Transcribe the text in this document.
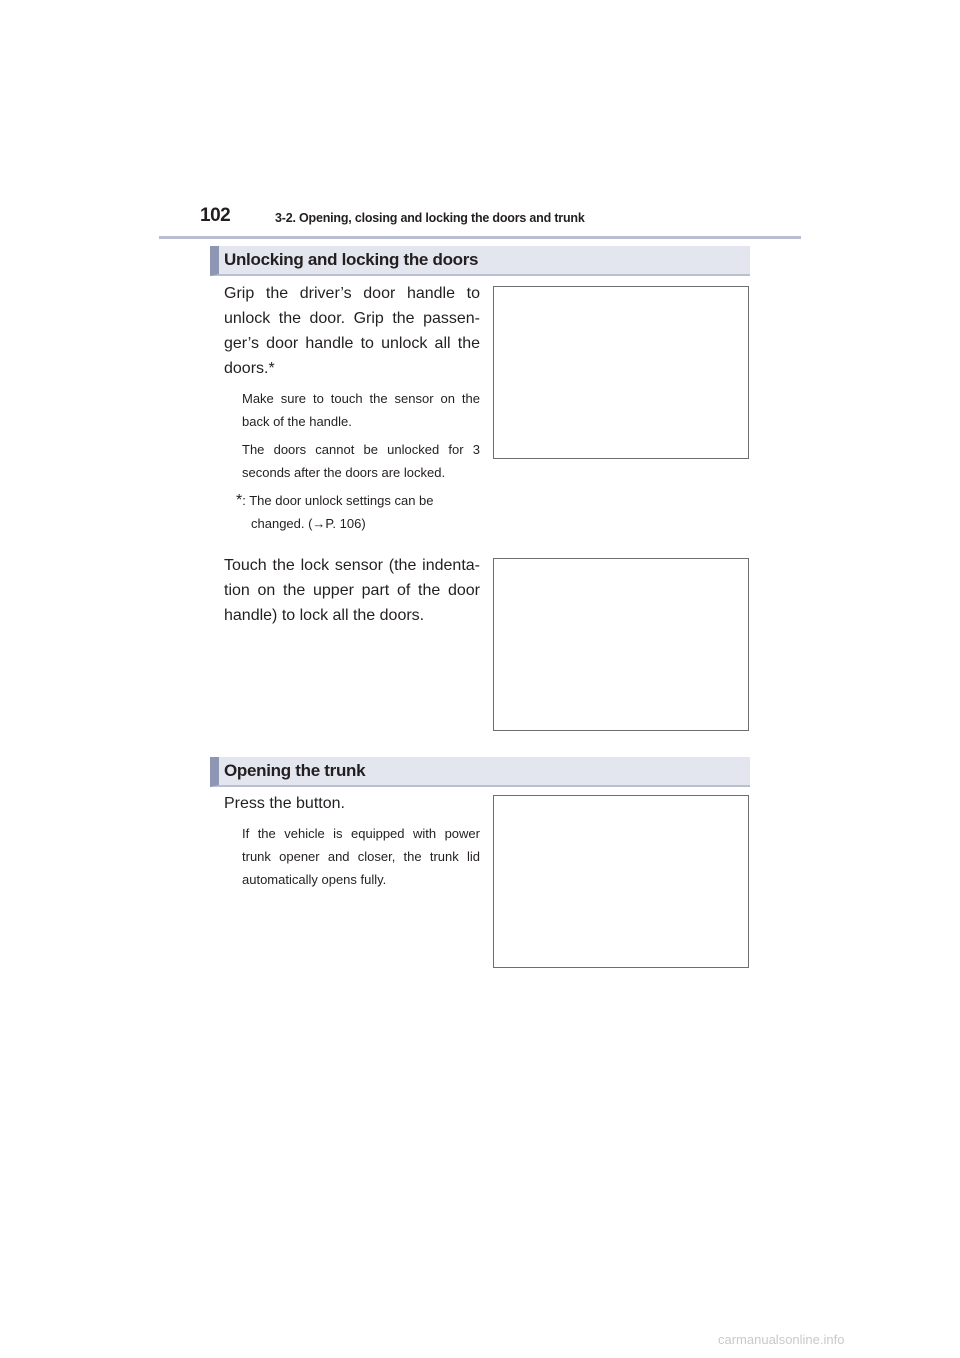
102	3-2. Opening, closing and locking the doors and trunk
Unlocking and locking the doors
Grip the driver’s door handle to unlock the door. Grip the passen-ger’s door handle to unlock all the doors.*
Make sure to touch the sensor on the back of the handle.
The doors cannot be unlocked for 3 seconds after the doors are locked.
*: The door unlock settings can be
changed. (→P. 106)
Touch the lock sensor (the indenta-tion on the upper part of the door handle) to lock all the doors.
Opening the trunk
Press the button.
If the vehicle is equipped with power trunk opener and closer, the trunk lid automatically opens fully.
carmanualsonline.info
